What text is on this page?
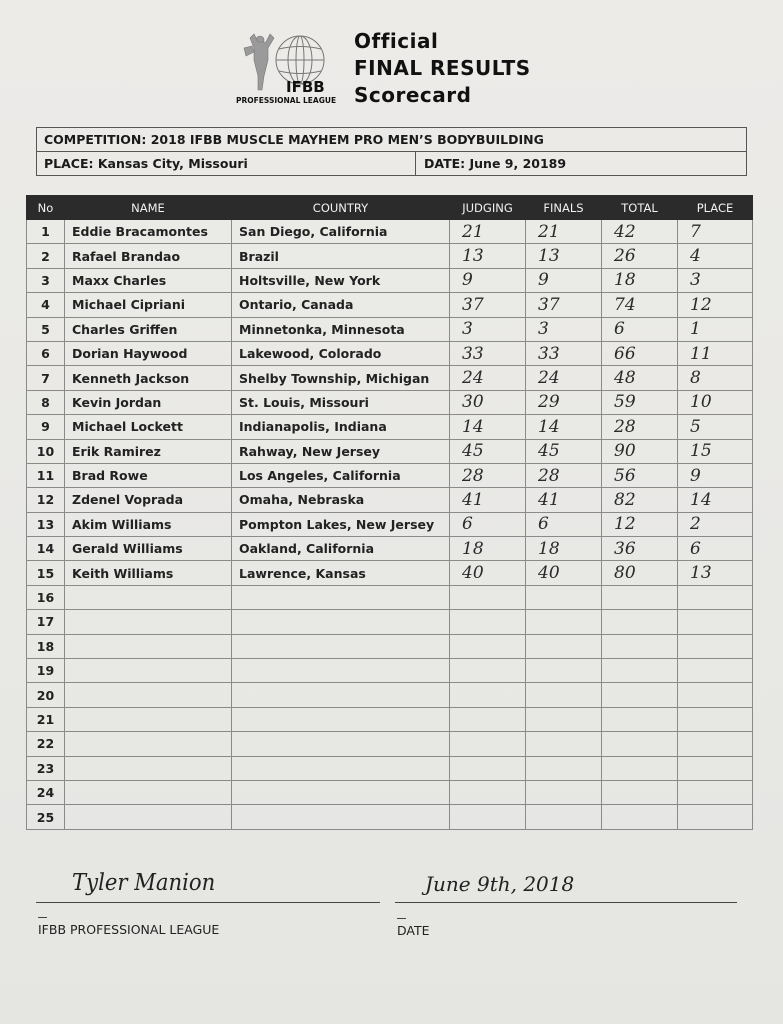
IFBB
PROFESSIONAL LEAGUE
Official
FINAL RESULTS
Scorecard
COMPETITION: 2018 IFBB MUSCLE MAYHEM PRO MEN’S BODYBUILDING
PLACE: Kansas City, Missouri	DATE: June 9, 20189
No	NAME	COUNTRY	JUDGING	FINALS	TOTAL	PLACE
1	Eddie Bracamontes	San Diego, California	21	21	42	7
2	Rafael Brandao	Brazil	13	13	26	4
3	Maxx Charles	Holtsville, New York	9	9	18	3
4	Michael Cipriani	Ontario, Canada	37	37	74	12
5	Charles Griffen	Minnetonka, Minnesota	3	3	6	1
6	Dorian Haywood	Lakewood, Colorado	33	33	66	11
7	Kenneth Jackson	Shelby Township, Michigan	24	24	48	8
8	Kevin Jordan	St. Louis, Missouri	30	29	59	10
9	Michael Lockett	Indianapolis, Indiana	14	14	28	5
10	Erik Ramirez	Rahway, New Jersey	45	45	90	15
11	Brad Rowe	Los Angeles, California	28	28	56	9
12	Zdenel Voprada	Omaha, Nebraska	41	41	82	14
13	Akim Williams	Pompton Lakes, New Jersey	6	6	12	2
14	Gerald Williams	Oakland, California	18	18	36	6
15	Keith Williams	Lawrence, Kansas	40	40	80	13
16						
17						
18						
19						
20						
21						
22						
23						
24						
25						
Tyler Manion
IFBB PROFESSIONAL LEAGUE
June 9th, 2018
DATE
